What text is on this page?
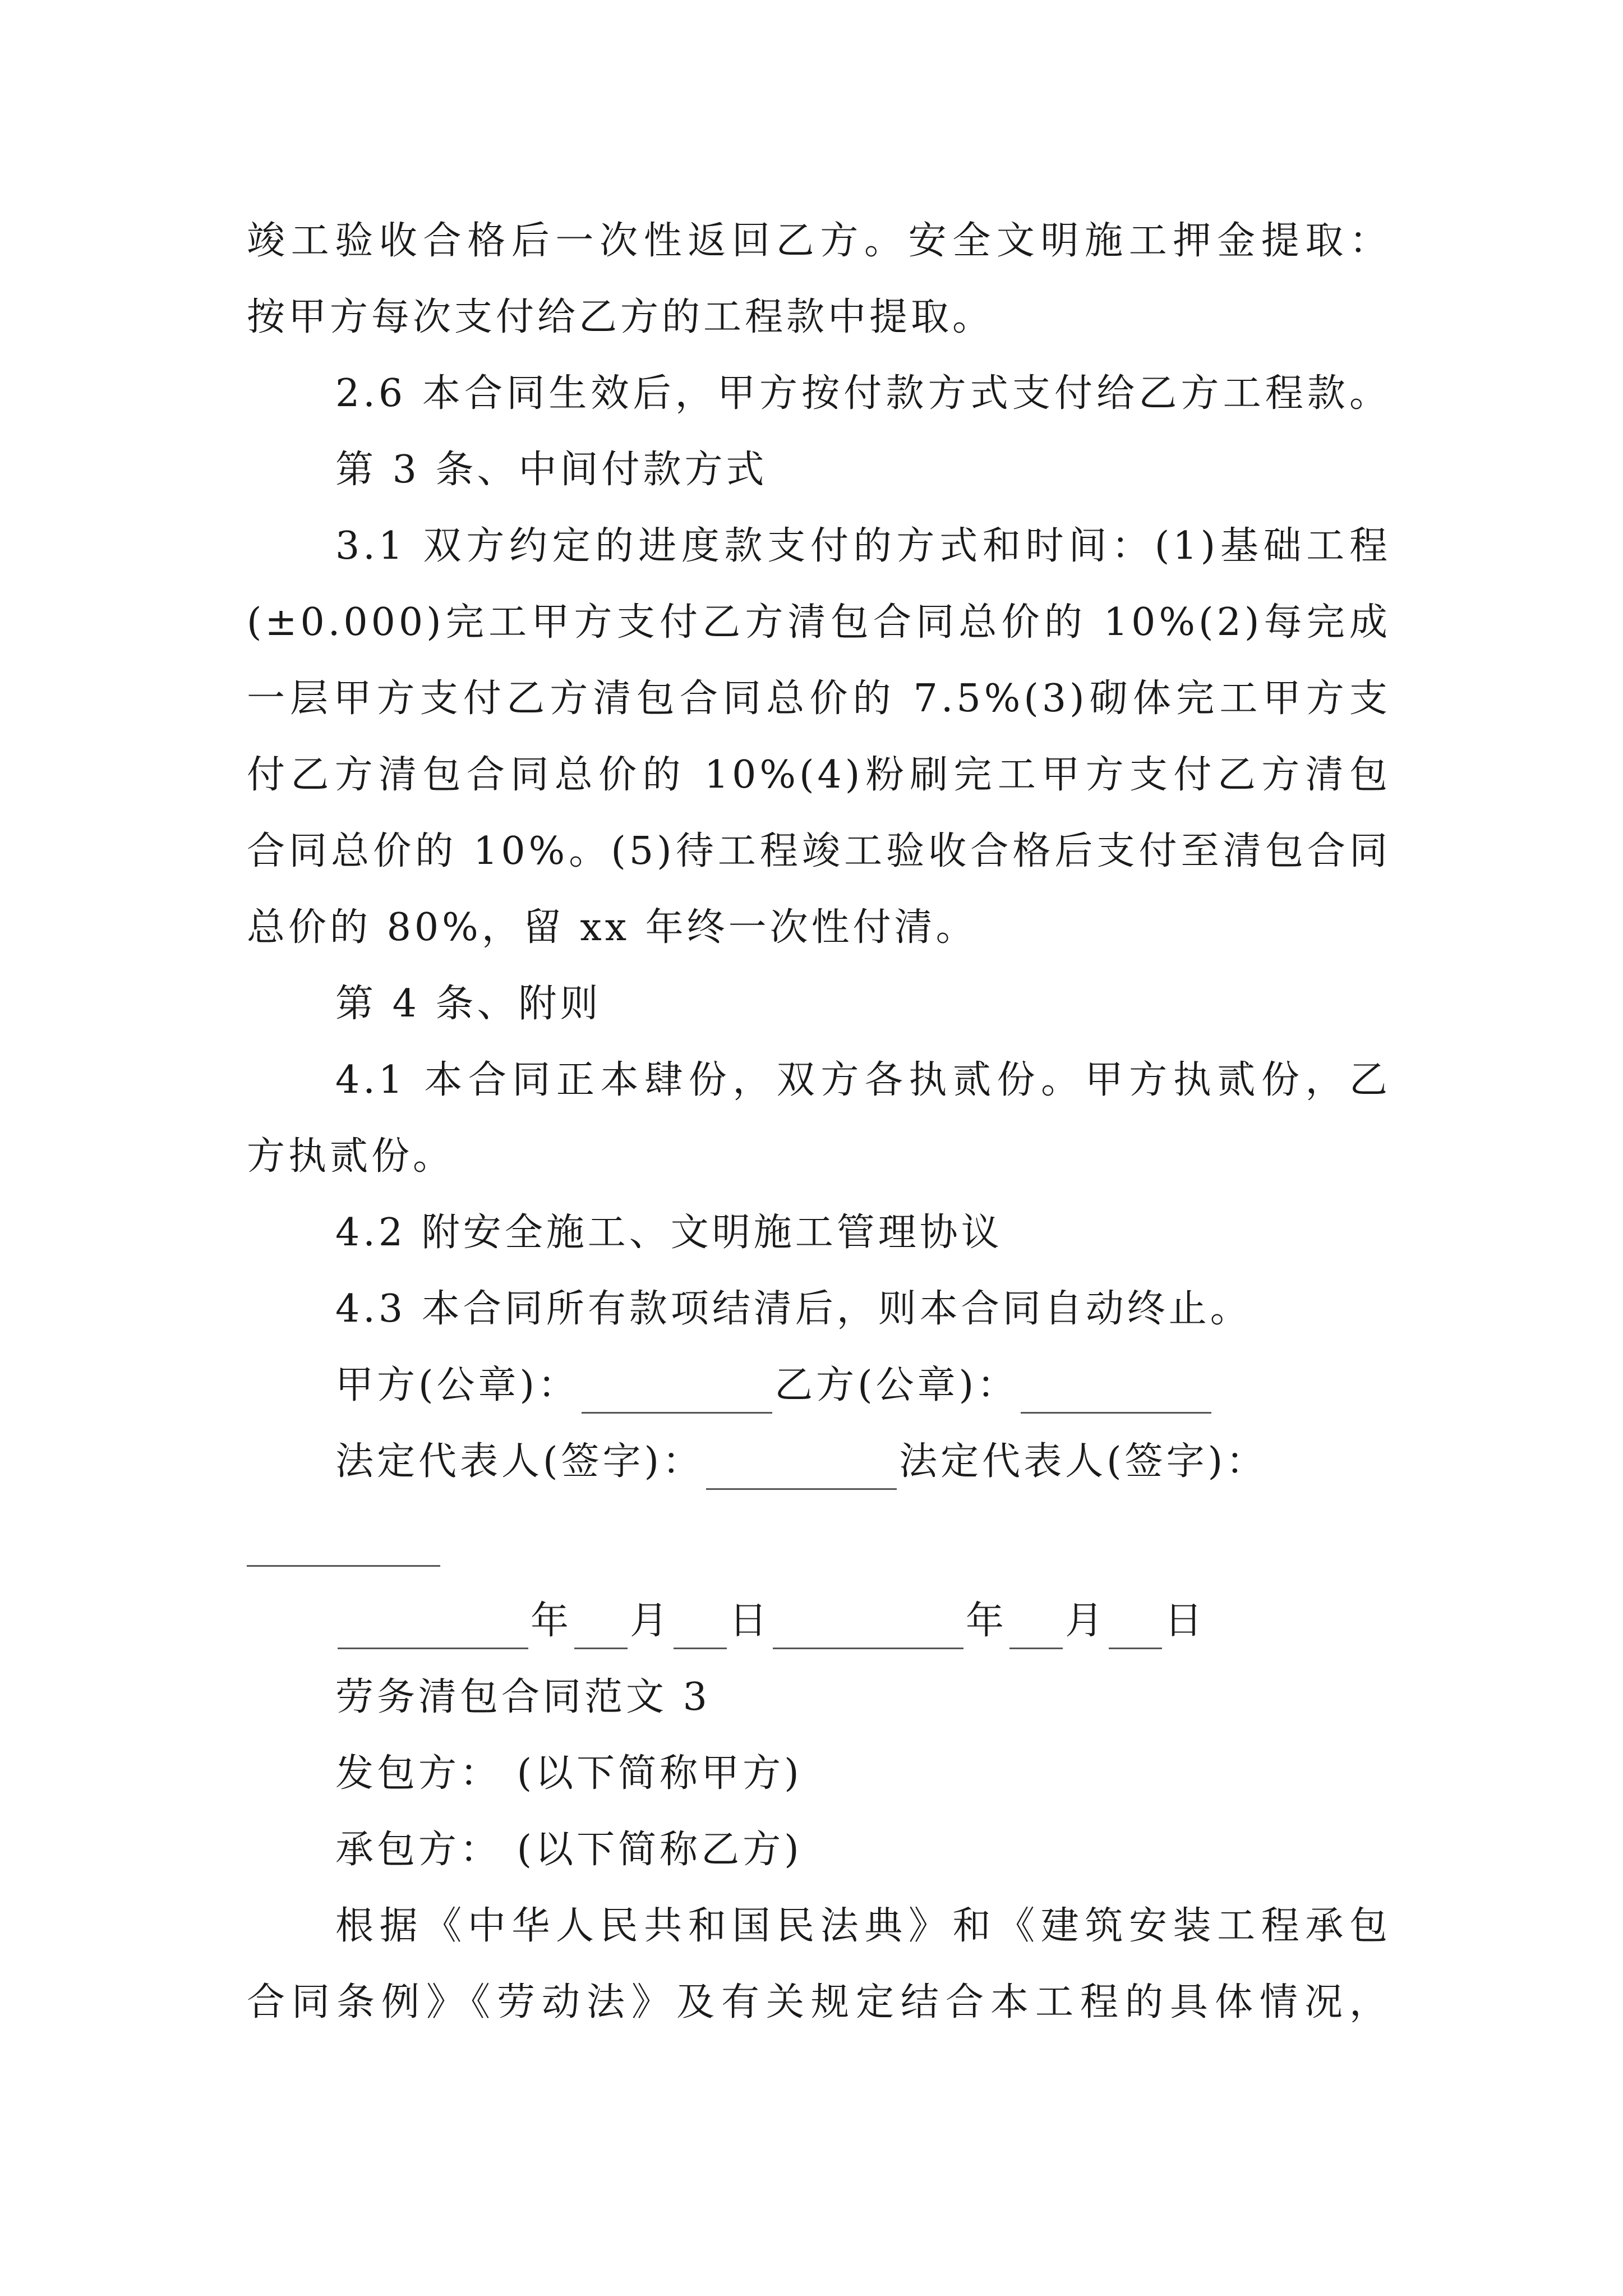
竣工验收合格后一次性返回乙方。安全文明施工押金提取：
按甲方每次支付给乙方的工程款中提取。
2.6 本合同生效后，甲方按付款方式支付给乙方工程款。
第 3 条、中间付款方式
3.1 双方约定的进度款支付的方式和时间：(1)基础工程
(±0.000)完工甲方支付乙方清包合同总价的 10%(2)每完成
一层甲方支付乙方清包合同总价的 7.5%(3)砌体完工甲方支
付乙方清包合同总价的 10%(4)粉刷完工甲方支付乙方清包
合同总价的 10%。(5)待工程竣工验收合格后支付至清包合同
总价的 80%，留 xx 年终一次性付清。
第 4 条、附则
4.1 本合同正本肆份，双方各执贰份。甲方执贰份，乙
方执贰份。
4.2 附安全施工、文明施工管理协议
4.3 本合同所有款项结清后，则本合同自动终止。
甲方(公章)：	乙方(公章)：
法定代表人(签字)：	法定代表人(签字)：
年 月 日	年 月 日
劳务清包合同范文 3
发包方： (以下简称甲方)
承包方： (以下简称乙方)
根据《中华人民共和国民法典》和《建筑安装工程承包
合同条例》《劳动法》及有关规定结合本工程的具体情况，
